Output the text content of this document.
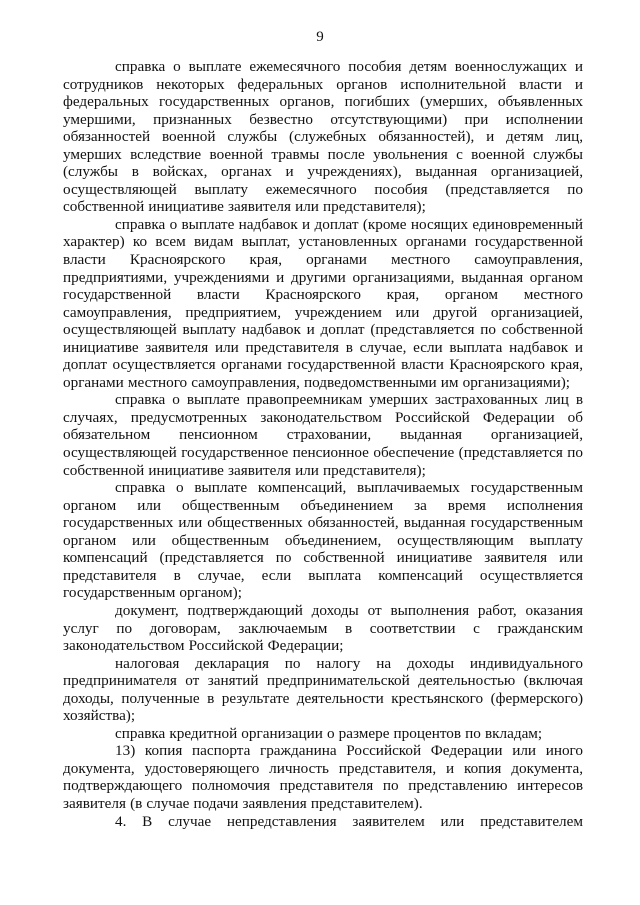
9

справка о выплате ежемесячного пособия детям военнослужащих и сотрудников некоторых федеральных органов исполнительной власти и федеральных государственных органов, погибших (умерших, объявленных умершими, признанных безвестно отсутствующими) при исполнении обязанностей военной службы (служебных обязанностей), и детям лиц, умерших вследствие военной травмы после увольнения с военной службы (службы в войсках, органах и учреждениях), выданная организацией, осуществляющей выплату ежемесячного пособия (представляется по собственной инициативе заявителя или представителя);

справка о выплате надбавок и доплат (кроме носящих единовременный характер) ко всем видам выплат, установленных органами государственной власти Красноярского края, органами местного самоуправления, предприятиями, учреждениями и другими организациями, выданная органом государственной власти Красноярского края, органом местного самоуправления, предприятием, учреждением или другой организацией, осуществляющей выплату надбавок и доплат (представляется по собственной инициативе заявителя или представителя в случае, если выплата надбавок и доплат осуществляется органами государственной власти Красноярского края, органами местного самоуправления, подведомственными им организациями);

справка о выплате правопреемникам умерших застрахованных лиц в случаях, предусмотренных законодательством Российской Федерации об обязательном пенсионном страховании, выданная организацией, осуществляющей государственное пенсионное обеспечение (представляется по собственной инициативе заявителя или представителя);

справка о выплате компенсаций, выплачиваемых государственным органом или общественным объединением за время исполнения государственных или общественных обязанностей, выданная государственным органом или общественным объединением, осуществляющим выплату компенсаций (представляется по собственной инициативе заявителя или представителя в случае, если выплата компенсаций осуществляется государственным органом);

документ, подтверждающий доходы от выполнения работ, оказания услуг по договорам, заключаемым в соответствии с гражданским законодательством Российской Федерации;

налоговая декларация по налогу на доходы индивидуального предпринимателя от занятий предпринимательской деятельностью (включая доходы, полученные в результате деятельности крестьянского (фермерского) хозяйства);

справка кредитной организации о размере процентов по вкладам;

13) копия паспорта гражданина Российской Федерации или иного документа, удостоверяющего личность представителя, и копия документа, подтверждающего полномочия представителя по представлению интересов заявителя (в случае подачи заявления представителем).

4. В случае непредставления заявителем или представителем
